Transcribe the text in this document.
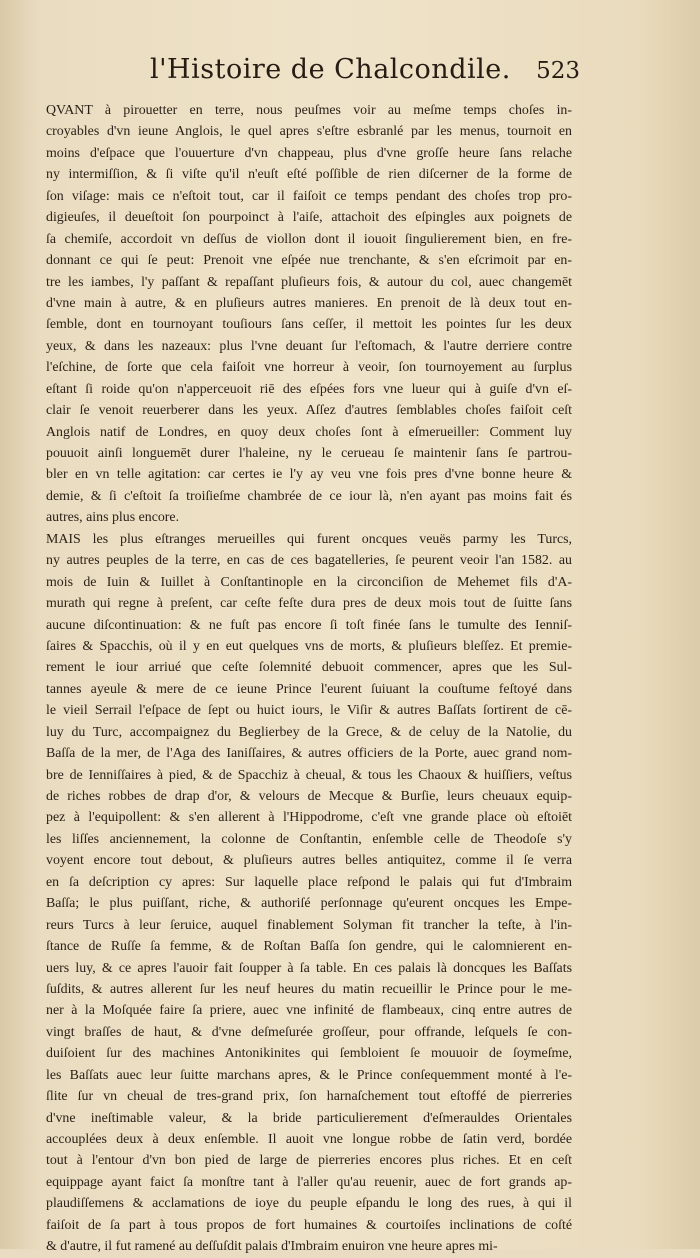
l'Histoire de Chalcondile. 523
QVANT à pirouetter en terre, nous peuſmes voir au meſme temps choſes in-
croyables d'vn ieune Anglois, le quel apres s'eſtre esbranlé par les menus, tournoit en
moins d'eſpace que l'ouuerture d'vn chappeau, plus d'vne groſſe heure ſans relache
ny intermiſſion, & ſi viſte qu'il n'euſt eſté poſſible de rien diſcerner de la forme de
ſon viſage: mais ce n'eſtoit tout, car il faiſoit ce temps pendant des choſes trop pro-
digieuſes, il deueſtoit ſon pourpoinct à l'aiſe, attachoit des eſpingles aux poignets de
ſa chemiſe, accordoit vn deſſus de viollon dont il iouoit ſingulierement bien, en fre-
donnant ce qui ſe peut: Prenoit vne eſpée nue trenchante, & s'en eſcrimoit par en-
tre les iambes, l'y paſſant & repaſſant pluſieurs fois, & autour du col, auec changemēt
d'vne main à autre, & en pluſieurs autres manieres. En prenoit de là deux tout en-
ſemble, dont en tournoyant touſiours ſans ceſſer, il mettoit les pointes ſur les deux
yeux, & dans les nazeaux: plus l'vne deuant ſur l'eſtomach, & l'autre derriere contre
l'eſchine, de ſorte que cela faiſoit vne horreur à veoir, ſon tournoyement au ſurplus
eſtant ſi roide qu'on n'apperceuoit riē des eſpées fors vne lueur qui à guiſe d'vn eſ-
clair ſe venoit reuerberer dans les yeux. Aſſez d'autres ſemblables choſes faiſoit ceſt
Anglois natif de Londres, en quoy deux choſes ſont à eſmerueiller: Comment luy
pouuoit ainſi longuemēt durer l'haleine, ny le cerueau ſe maintenir ſans ſe partrou-
bler en vn telle agitation: car certes ie l'y ay veu vne fois pres d'vne bonne heure &
demie, & ſi c'eſtoit ſa troiſieſme chambrée de ce iour là, n'en ayant pas moins fait és
autres, ains plus encore.
MAIS les plus eſtranges merueilles qui furent oncques veuës parmy les Turcs,
ny autres peuples de la terre, en cas de ces bagatelleries, ſe peurent veoir l'an 1582. au
mois de Iuin & Iuillet à Conſtantinople en la circonciſion de Mehemet fils d'A-
murath qui regne à preſent, car ceſte feſte dura pres de deux mois tout de ſuitte ſans
aucune diſcontinuation: & ne fuſt pas encore ſi toſt finée ſans le tumulte des Ienniſ-
ſaires & Spacchis, où il y en eut quelques vns de morts, & pluſieurs bleſſez. Et premie-
rement le iour arriué que ceſte ſolemnité debuoit commencer, apres que les Sul-
tannes ayeule & mere de ce ieune Prince l'eurent ſuiuant la couſtume feſtoyé dans
le vieil Serrail l'eſpace de ſept ou huict iours, le Viſir & autres Baſſats ſortirent de cē-
luy du Turc, accompaignez du Beglierbey de la Grece, & de celuy de la Natolie, du
Baſſa de la mer, de l'Aga des Ianiſſaires, & autres officiers de la Porte, auec grand nom-
bre de Ienniſſaires à pied, & de Spacchiz à cheual, & tous les Chaoux & huiſſiers, veſtus
de riches robbes de drap d'or, & velours de Mecque & Burſie, leurs cheuaux equip-
pez à l'equipollent: & s'en allerent à l'Hippodrome, c'eſt vne grande place où eſtoiēt
les liſſes anciennement, la colonne de Conſtantin, enſemble celle de Theodoſe s'y
voyent encore tout debout, & pluſieurs autres belles antiquitez, comme il ſe verra
en ſa deſcription cy apres: Sur laquelle place reſpond le palais qui fut d'Imbraim
Baſſa; le plus puiſſant, riche, & authoriſé perſonnage qu'eurent oncques les Empe-
reurs Turcs à leur ſeruice, auquel finablement Solyman fit trancher la teſte, à l'in-
ſtance de Ruſſe ſa femme, & de Roſtan Baſſa ſon gendre, qui le calomnierent en-
uers luy, & ce apres l'auoir fait ſoupper à ſa table. En ces palais là doncques les Baſſats
ſuſdits, & autres allerent ſur les neuf heures du matin recueillir le Prince pour le me-
ner à la Moſquée faire ſa priere, auec vne infinité de flambeaux, cinq entre autres de
vingt braſſes de haut, & d'vne deſmeſurée groſſeur, pour offrande, leſquels ſe con-
duiſoient ſur des machines Antonikinites qui ſembloient ſe mouuoir de ſoymeſme,
les Baſſats auec leur ſuitte marchans apres, & le Prince conſequemment monté à l'e-
ſlite ſur vn cheual de tres-grand prix, ſon harnaſchement tout eſtoffé de pierreries
d'vne ineſtimable valeur, & la bride particulierement d'eſmerauldes Orientales
accouplées deux à deux enſemble. Il auoit vne longue robbe de ſatin verd, bordée
tout à l'entour d'vn bon pied de large de pierreries encores plus riches. Et en ceſt
equippage ayant faict ſa monſtre tant à l'aller qu'au reuenir, auec de fort grands ap-
plaudiſſemens & acclamations de ioye du peuple eſpandu le long des rues, à qui il
faiſoit de ſa part à tous propos de fort humaines & courtoiſes inclinations de coſté
& d'autre, il fut ramené au deſſuſdit palais d'Imbraim enuiron vne heure apres mi-
